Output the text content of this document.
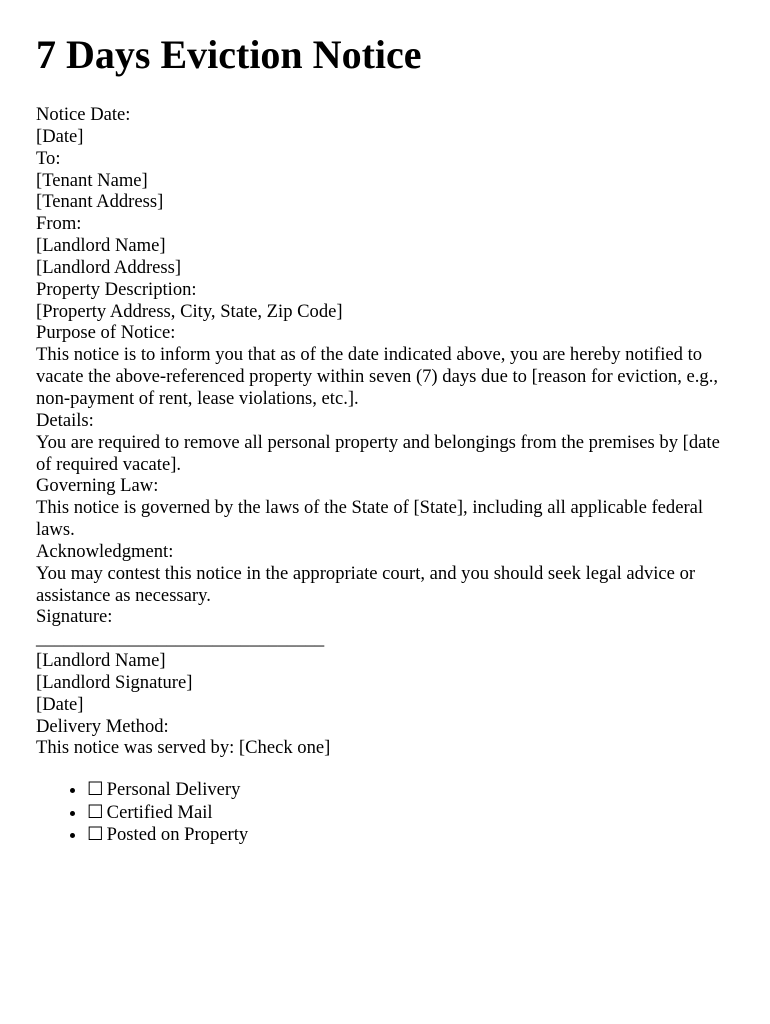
7 Days Eviction Notice
Notice Date:
[Date]
To:
[Tenant Name]
[Tenant Address]
From:
[Landlord Name]
[Landlord Address]
Property Description:
[Property Address, City, State, Zip Code]
Purpose of Notice:
This notice is to inform you that as of the date indicated above, you are hereby notified to vacate the above-referenced property within seven (7) days due to [reason for eviction, e.g., non-payment of rent, lease violations, etc.].
Details:
You are required to remove all personal property and belongings from the premises by [date of required vacate].
Governing Law:
This notice is governed by the laws of the State of [State], including all applicable federal laws.
Acknowledgment:
You may contest this notice in the appropriate court, and you should seek legal advice or assistance as necessary.
Signature:
_______________________________
[Landlord Name]
[Landlord Signature]
[Date]
Delivery Method:
This notice was served by: [Check one]
• ☐ Personal Delivery
• ☐ Certified Mail
• ☐ Posted on Property
